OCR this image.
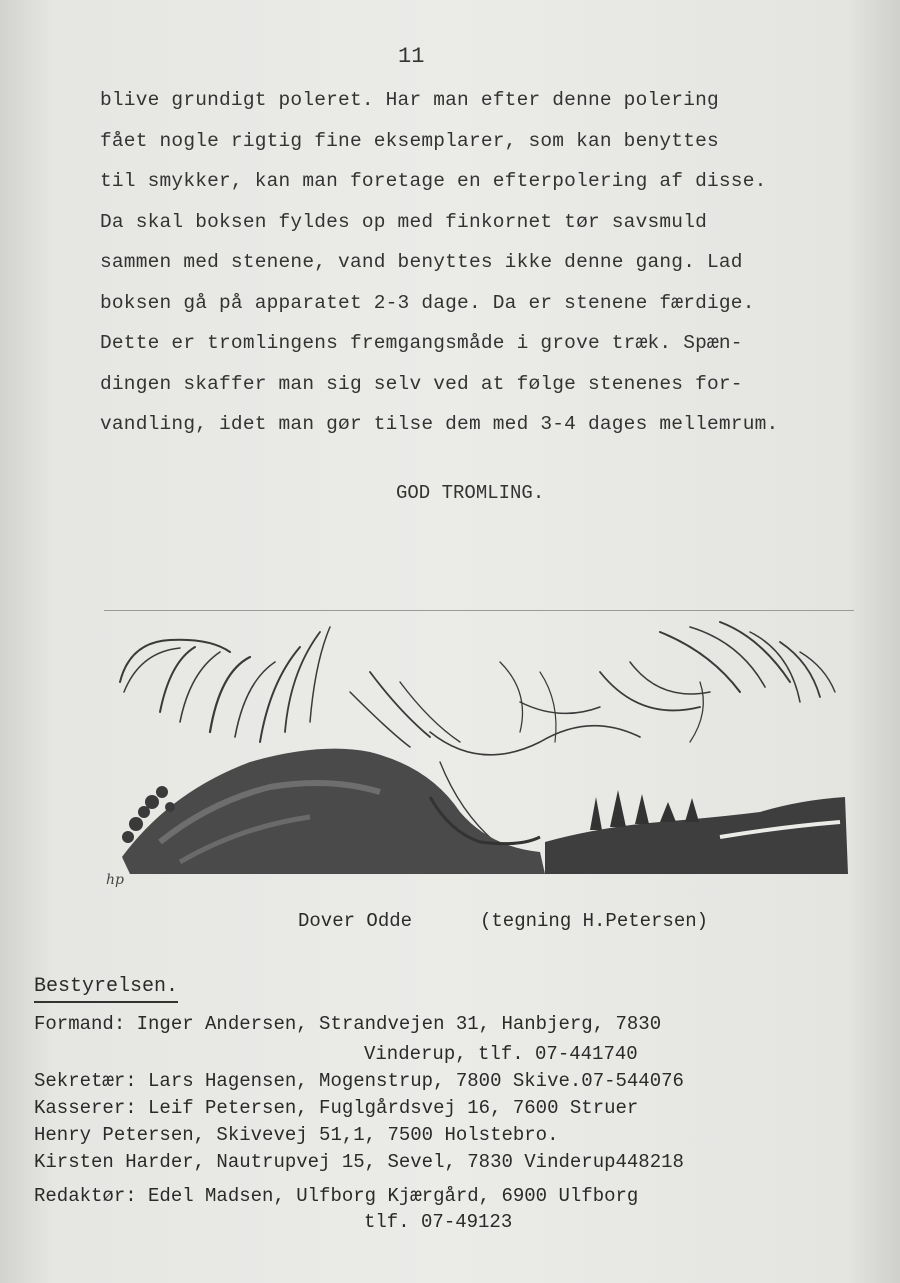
11
blive grundigt poleret. Har man efter denne polering
fået nogle rigtig fine eksemplarer, som kan benyttes
til smykker, kan man foretage en efterpolering af disse.
Da skal boksen fyldes op med finkornet tør savsmuld
sammen med stenene, vand benyttes ikke denne gang. Lad
boksen gå på apparatet 2-3 dage. Da er stenene færdige.
Dette er tromlingens fremgangsmåde i grove træk. Spæn-
dingen skaffer man sig selv ved at følge stenenes for-
vandling, idet man gør tilse dem med 3-4 dages mellemrum.
GOD TROMLING.
hp
Dover Odde	(tegning H.Petersen)
Bestyrelsen.
Formand: Inger Andersen, Strandvejen 31, Hanbjerg, 7830
Vinderup, tlf. 07-441740
Sekretær: Lars Hagensen, Mogenstrup, 7800 Skive.07-544076
Kasserer: Leif Petersen, Fuglgårdsvej 16, 7600 Struer
Henry Petersen, Skivevej 51,1, 7500 Holstebro.
Kirsten Harder, Nautrupvej 15, Sevel, 7830 Vinderup448218
Redaktør: Edel Madsen, Ulfborg Kjærgård, 6900 Ulfborg
tlf. 07-49123
